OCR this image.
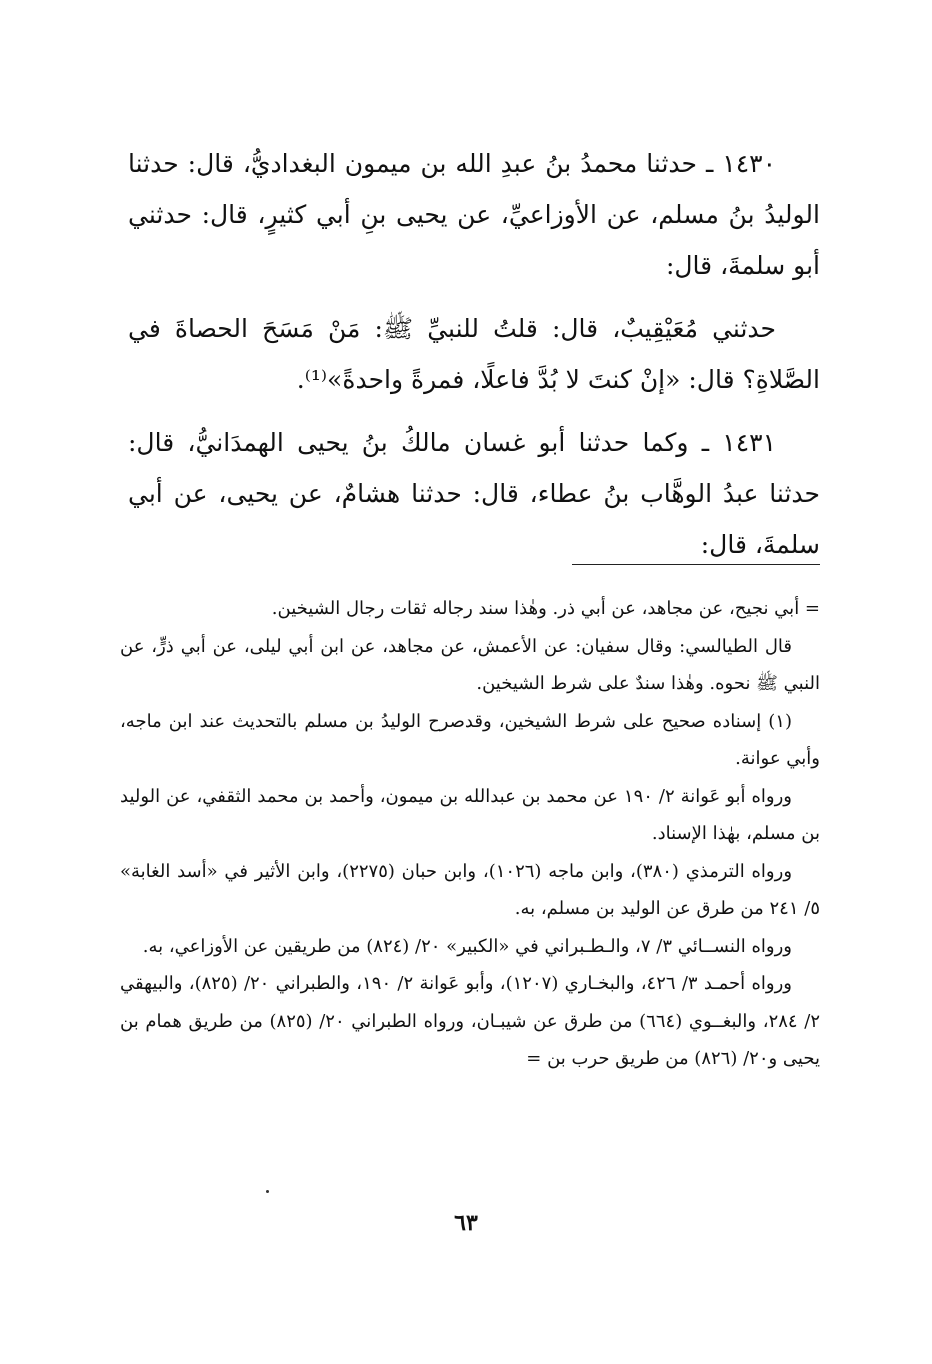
١٤٣٠ ـ حدثنا محمدُ بنُ عبدِ الله بن ميمون البغداديُّ، قال: حدثنا الوليدُ بنُ مسلم، عن الأوزاعيِّ، عن يحيى بنِ أبي كثيرٍ، قال: حدثني أبو سلمةَ، قال:

حدثني مُعَيْقِيبٌ، قال: قلتُ للنبيِّ ﷺ: مَنْ مَسَحَ الحصاةَ في الصَّلاةِ؟ قال: «إنْ كنتَ لا بُدَّ فاعلًا، فمرةً واحدةً»⁽¹⁾.

١٤٣١ ـ وكما حدثنا أبو غسان مالكُ بنُ يحيى الهمدَانيُّ، قال: حدثنا عبدُ الوهَّاب بنُ عطاء، قال: حدثنا هشامٌ، عن يحيى، عن أبي سلمةَ، قال:

= أبي نجيح، عن مجاهد، عن أبي ذر. وهٰذا سند رجاله ثقات رجال الشيخين.

قال الطيالسي: وقال سفيان: عن الأعمش، عن مجاهد، عن ابن أبي ليلى، عن أبي ذرٍّ، عن النبي ﷺ نحوه. وهٰذا سندٌ على شرط الشيخين.

(١) إسناده صحيح على شرط الشيخين، وقدصرح الوليدُ بن مسلم بالتحديث عند ابن ماجه، وأبي عوانة.

ورواه أبو عَوانة ٢/ ١٩٠ عن محمد بن عبدالله بن ميمون، وأحمد بن محمد الثقفي، عن الوليد بن مسلم، بهٰذا الإسناد.

ورواه الترمذي (٣٨٠)، وابن ماجه (١٠٢٦)، وابن حبان (٢٢٧٥)، وابن الأثير في «أسد الغابة» ٥/ ٢٤١ من طرق عن الوليد بن مسلم، به.

ورواه النســائي ٣/ ٧، والـطـبراني في «الكبير» ٢٠/ (٨٢٤) من طريقين عن الأوزاعي، به.

ورواه أحمـد ٣/ ٤٢٦، والبخـاري (١٢٠٧)، وأبو عَوانة ٢/ ١٩٠، والطبراني ٢٠/ (٨٢٥)، والبيهقي ٢/ ٢٨٤، والبغــوي (٦٦٤) من طرق عن شيبـان، ورواه الطبراني ٢٠/ (٨٢٥) من طريق همام بن يحيى و٢٠/ (٨٢٦) من طريق حرب بن =

٦٣
